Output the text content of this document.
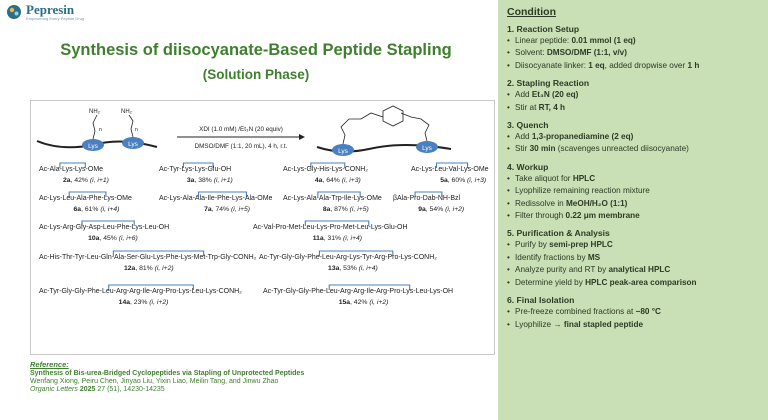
Pepresin
Empowering Every Peptide Drug
Synthesis of diisocyanate-Based Peptide Stapling
(Solution Phase)
Lys	Lys
NH₂	NH₂
n	n	XDI (1.0 mM) /Et₃N (20 equiv)
DMSO/DMF (1:1, 20 mL), 4 h, r.t.
Lys	Lys
Ac-Ala-Lys-Lys-OMe
2a, 42% (i, i+1)
Ac-Tyr-Lys-Lys-Glu-OH
3a, 38% (i, i+1)
Ac-Lys-Gly-His-Lys-CONH₂
4a, 64% (i, i+3)
Ac-Lys-Leu-Val-Lys-OMe
5a, 60% (i, i+3)
Ac-Lys-Leu-Ala-Phe-Lys-OMe
6a, 61% (i, i+4)
Ac-Lys-Ala-Ala-Ile-Phe-Lys-Ala-OMe
7a, 74% (i, i+5)
Ac-Lys-Ala-Ala-Trp-Ile-Lys-OMe
8a, 87% (i, i+5)
βAla-Pro-Dab-NH-Bzl
9a, 54% (i, i+2)
Ac-Lys-Arg-Gly-Asp-Leu-Phe-Lys-Leu-OH
10a, 45% (i, i+6)
Ac-Val-Pro-Met-Leu-Lys-Pro-Met-Leu-Lys-Glu-OH
11a, 31% (i, i+4)
Ac-His-Thr-Tyr-Leu-Gln-Ala-Ser-Glu-Lys-Phe-Lys-Met-Trp-Gly-CONH₂
12a, 81% (i, i+2)
Ac-Tyr-Gly-Gly-Phe-Leu-Arg-Lys-Tyr-Arg-Pro-Lys-CONH₂
13a, 53% (i, i+4)
Ac-Tyr-Gly-Gly-Phe-Leu-Arg-Arg-Ile-Arg-Pro-Lys-Leu-Lys-CONH₂
14a, 23% (i, i+2)
Ac-Tyr-Gly-Gly-Phe-Leu-Arg-Arg-Ile-Arg-Pro-Lys-Leu-Lys-OH
15a, 42% (i, i+2)
Reference:
Synthesis of Bis-urea-Bridged Cyclopeptides via Stapling of Unprotected Peptides
Wenfang Xiong, Peiru Chen, Jinyao Liu, Yixin Liao, Meilin Tang, and Jinwu Zhao
Organic Letters 2025 27 (51), 14230-14235
Condition
1. Reaction Setup
• Linear peptide: 0.01 mmol (1 eq)
• Solvent: DMSO/DMF (1:1, v/v)
• Diisocyanate linker: 1 eq, added dropwise over 1 h
2. Stapling Reaction
• Add Et₃N (20 eq)
• Stir at RT, 4 h
3. Quench
• Add 1,3-propanediamine (2 eq)
• Stir 30 min (scavenges unreacted diisocyanate)
4. Workup
• Take aliquot for HPLC
• Lyophilize remaining reaction mixture
• Redissolve in MeOH/H₂O (1:1)
• Filter through 0.22 μm membrane
5. Purification & Analysis
• Purify by semi-prep HPLC
• Identify fractions by MS
• Analyze purity and RT by analytical HPLC
• Determine yield by HPLC peak-area comparison
6. Final Isolation
• Pre-freeze combined fractions at −80 °C
• Lyophilize → final stapled peptide
